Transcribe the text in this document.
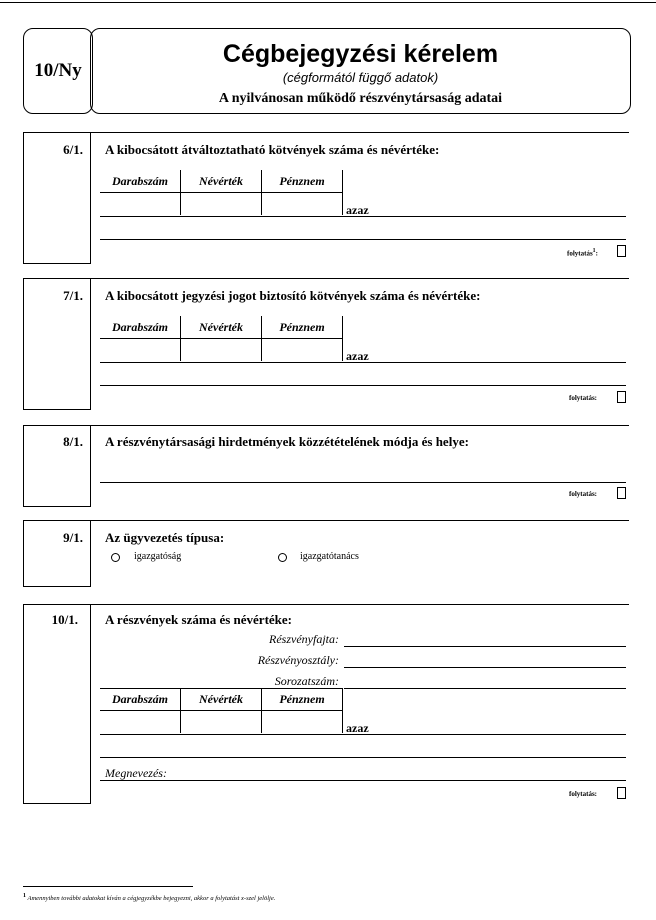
10/Ny
Cégbejegyzési kérelem
(cégformától függő adatok)
A nyilvánosan működő részvénytársaság adatai
6/1. A kibocsátott átváltoztatható kötvények száma és névértéke:
Darabszám	Névérték	Pénznem

azaz
folytatás$^1$:
7/1. A kibocsátott jegyzési jogot biztosító kötvények száma és névértéke:
Darabszám	Névérték	Pénznem

azaz
folytatás:
8/1. A részvénytársasági hirdetmények közzétételének módja és helye:
folytatás:
9/1. Az ügyvezetés típusa:
igazgatóság	igazgatótanács
10/1. A részvények száma és névértéke:
Részvényfajta:
Részvényosztály:
Sorozatszám:
Darabszám	Névérték	Pénznem

azaz
Megnevezés:
folytatás:
$^1$ Amennyiben további adatokat kíván a cégjegyzékbe bejegyezni, akkor a folytatást x-szel jelölje.
